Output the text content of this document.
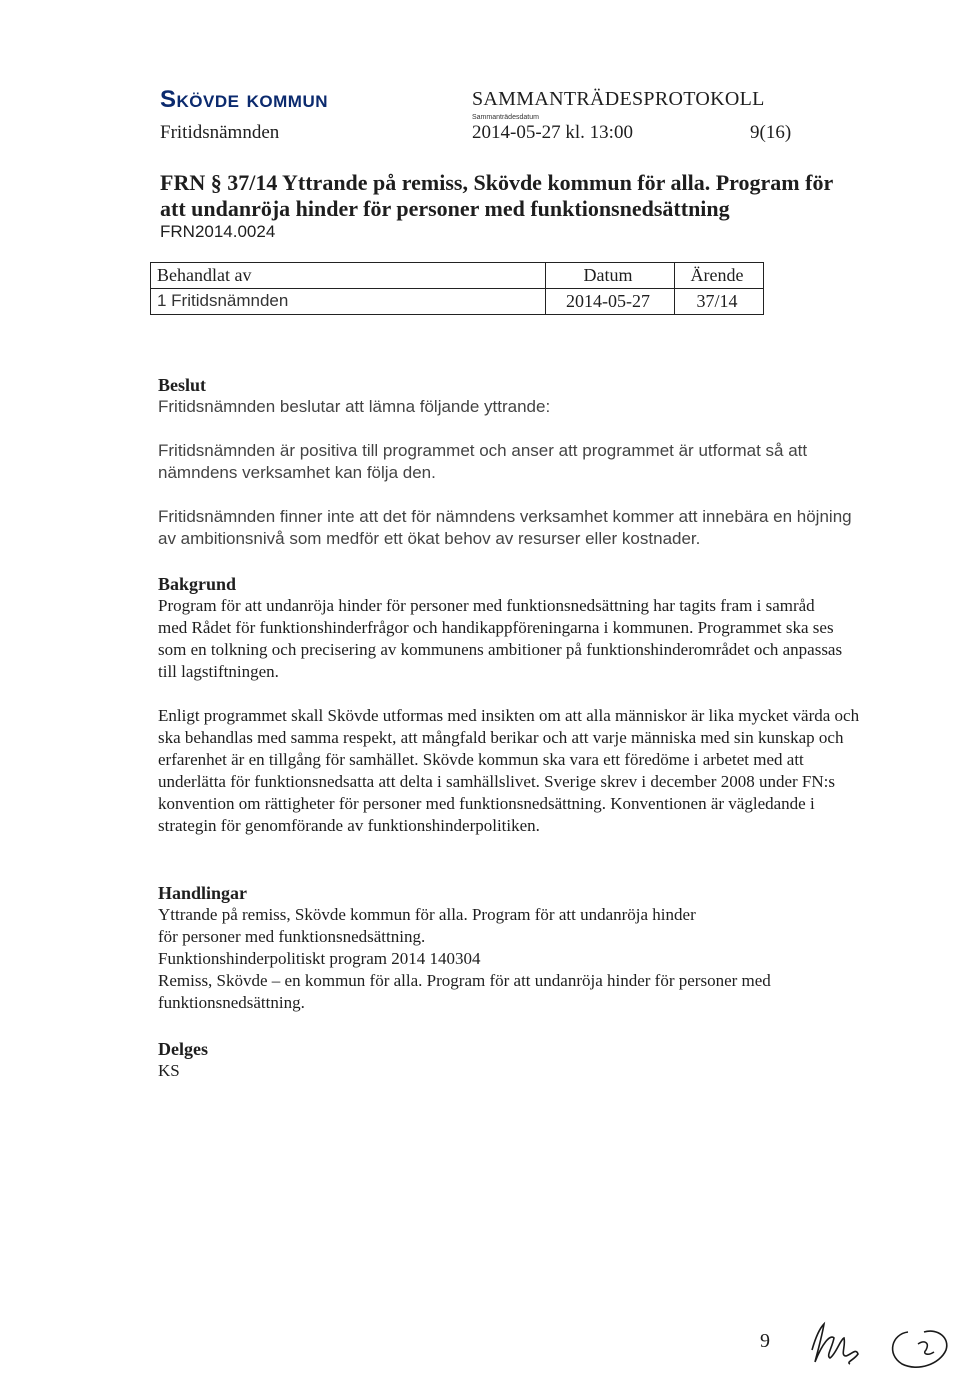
Skövde kommun
Fritidsnämnden
SAMMANTRÄDESPROTOKOLL
Sammanträdesdatum
2014-05-27 kl. 13:00	9(16)
FRN § 37/14 Yttrande på remiss, Skövde kommun för alla. Program för att undanröja hinder för personer med funktionsnedsättning
FRN2014.0024
Behandlat av	Datum	Ärende
1 Fritidsnämnden	2014-05-27	37/14
Beslut

Fritidsnämnden beslutar att lämna följande yttrande:

Fritidsnämnden är positiva till programmet och anser att programmet är utformat så att nämndens verksamhet kan följa den.

Fritidsnämnden finner inte att det för nämndens verksamhet kommer att innebära en höjning av ambitionsnivå som medför ett ökat behov av resurser eller kostnader.

Bakgrund

Program för att undanröja hinder för personer med funktionsnedsättning har tagits fram i samråd med Rådet för funktionshinderfrågor och handikappföreningarna i kommunen. Programmet ska ses som en tolkning och precisering av kommunens ambitioner på funktionshinderområdet och anpassas till lagstiftningen.

Enligt programmet skall Skövde utformas med insikten om att alla människor är lika mycket värda och ska behandlas med samma respekt, att mångfald berikar och att varje människa med sin kunskap och erfarenhet är en tillgång för samhället. Skövde kommun ska vara ett föredöme i arbetet med att underlätta för funktionsnedsatta att delta i samhällslivet. Sverige skrev i december 2008 under FN:s konvention om rättigheter för personer med funktionsnedsättning. Konventionen är vägledande i strategin för genomförande av funktionshinderpolitiken.

Handlingar
Yttrande på remiss, Skövde kommun för alla. Program för att undanröja hinder
för personer med funktionsnedsättning.
Funktionshinderpolitiskt program 2014 140304
Remiss, Skövde – en kommun för alla. Program för att undanröja hinder för personer med funktionsnedsättning.
Delges
KS
9
